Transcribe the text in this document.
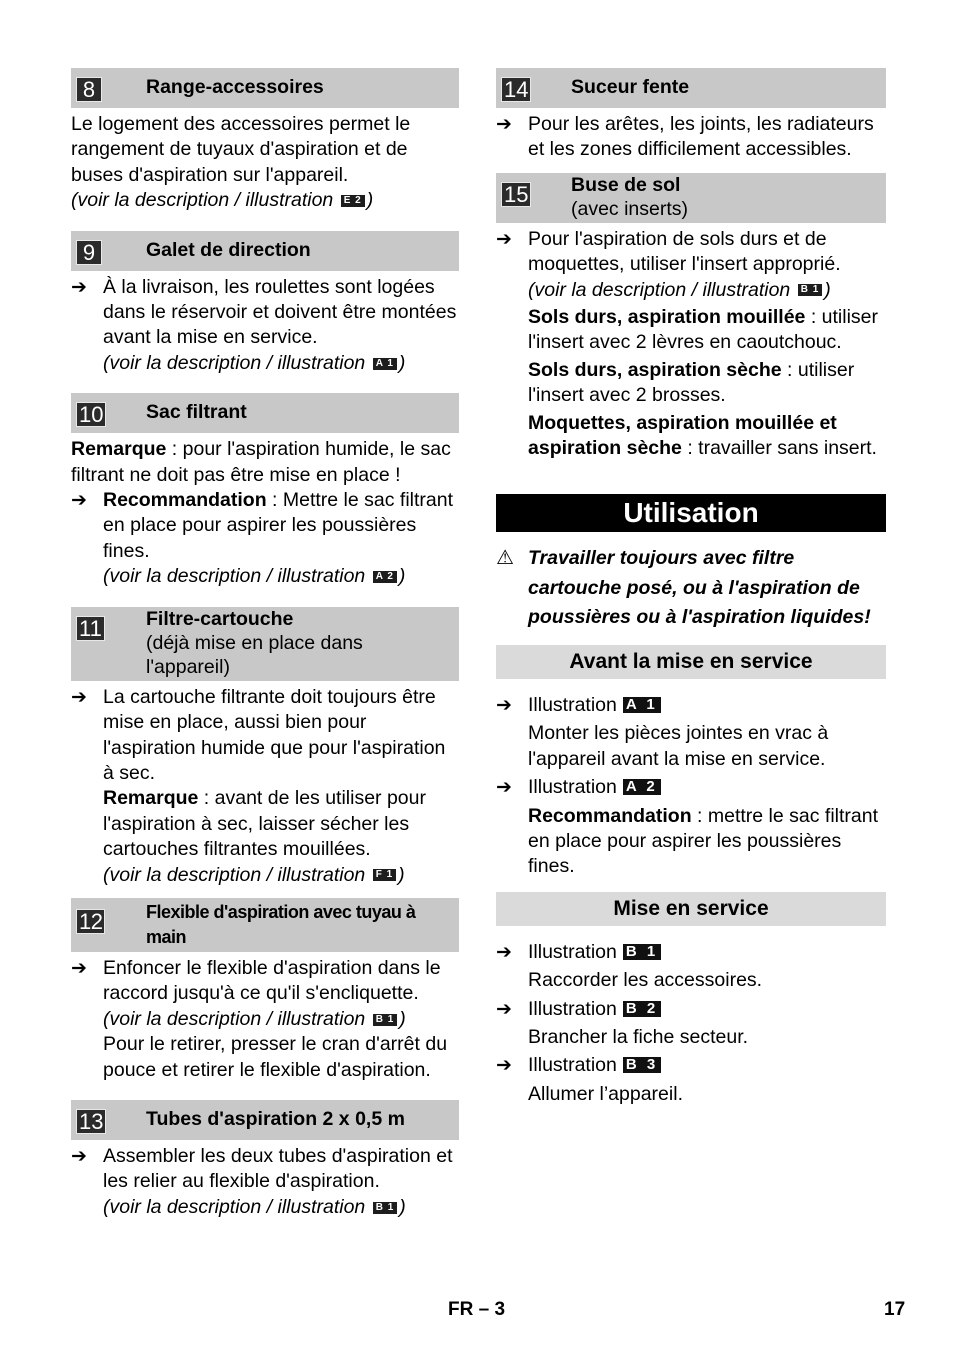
8	Range-accessoires

Le logement des accessoires permet le rangement de tuyaux d'aspiration et de buses d'aspiration sur l'appareil.

(voir la description / illustration E 2 )

9	Galet de direction
➔ À la livraison, les roulettes sont logées dans le réservoir et doivent être montées avant la mise en service.

(voir la description / illustration A 1 )

10 Sac filtrant

Remarque : pour l'aspiration humide, le sac filtrant ne doit pas être mise en place !

➔ Recommandation : Mettre le sac filtrant en place pour aspirer les poussières fines.

(voir la description / illustration A 2 )

11 Filtre-cartouche
(déjà mise en place dans l'appareil)
➔ La cartouche filtrante doit toujours être mise en place, aussi bien pour l'aspiration humide que pour l'aspiration à sec.

Remarque : avant de les utiliser pour l'aspiration à sec, laisser sécher les cartouches filtrantes mouillées.

(voir la description / illustration F 1 )

12 Flexible d'aspiration avec tuyau à main
➔ Enfoncer le flexible d'aspiration dans le raccord jusqu'à ce qu'il s'encliquette.

(voir la description / illustration B 1 )

Pour le retirer, presser le cran d'arrêt du pouce et retirer le flexible d'aspiration.

13 Tubes d'aspiration 2 x 0,5 m
➔ Assembler les deux tubes d'aspiration et les relier au flexible d'aspiration.

(voir la description / illustration B 1 )

14 Suceur fente
➔ Pour les arêtes, les joints, les radiateurs et les zones difficilement accessibles.

15 Buse de sol
(avec inserts)
➔ Pour l'aspiration de sols durs et de moquettes, utiliser l'insert approprié.

(voir la description / illustration B 1 )

Sols durs, aspiration mouillée : utiliser l'insert avec 2 lèvres en caoutchouc.

Sols durs, aspiration sèche : utiliser l'insert avec 2 brosses.

Moquettes, aspiration mouillée et aspiration sèche : travailler sans insert.

Utilisation
⚠ Travailler toujours avec filtre cartouche posé, ou à l'aspiration de poussières ou à l'aspiration liquides!

Avant la mise en service
➔ Illustration A 1

Monter les pièces jointes en vrac à l'appareil avant la mise en service.

➔ Illustration A 2

Recommandation : mettre le sac filtrant en place pour aspirer les poussières fines.

Mise en service
➔ Illustration B 1

Raccorder les accessoires.

➔ Illustration B 2

Brancher la fiche secteur.

➔ Illustration B 3

Allumer l’appareil.

FR – 3	17
